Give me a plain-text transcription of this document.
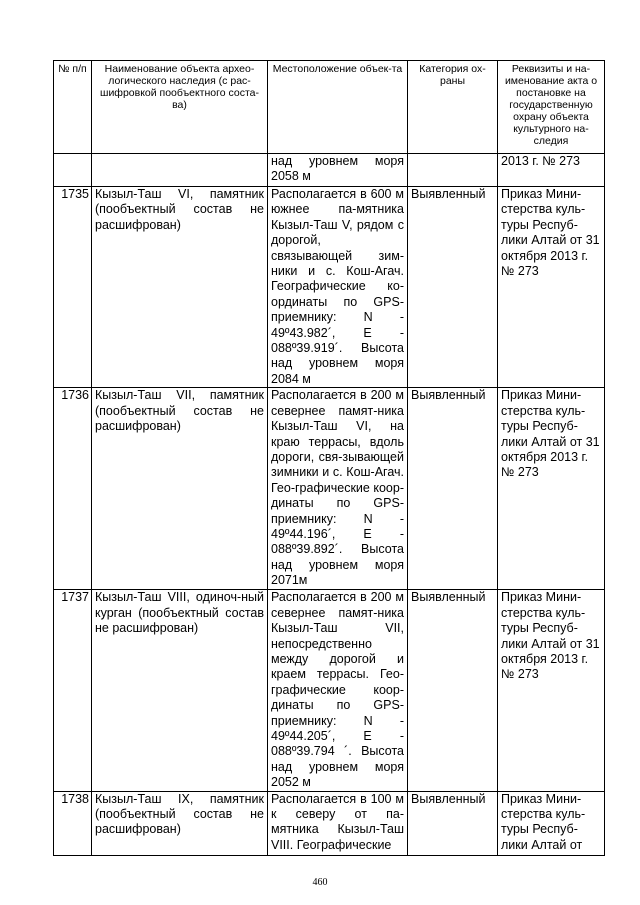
№ п/п	Наименование объекта архео-логического наследия (с рас-шифровкой пообъектного соста-ва)	Местоположение объек-та	Категория ох-раны	Реквизиты и на-именование акта о постановке на государственную охрану объекта культурного на-следия
		над уровнем моря 2058 м		2013 г. № 273
1735	Кызыл-Таш VI, памятник (пообъектный состав не расшифрован)	Располагается в 600 м южнее па-мятника Кызыл-Таш V, рядом с дорогой, связывающей зим-ники и с. Кош-Агач. Географические ко-ординаты по GPS-приемнику: N - 49º43.982´, E - 088º39.919´. Высота над уровнем моря 2084 м	Выявленный	Приказ Мини-стерства куль-туры Респуб-лики Алтай от 31 октября 2013 г. № 273
1736	Кызыл-Таш VII, памятник (пообъектный состав не расшифрован)	Располагается в 200 м севернее памят-ника Кызыл-Таш VI, на краю террасы, вдоль дороги, свя-зывающей зимники и с. Кош-Агач. Гео-графические коор-динаты по GPS-приемнику: N - 49º44.196´, E - 088º39.892´. Высота над уровнем моря 2071м	Выявленный	Приказ Мини-стерства куль-туры Респуб-лики Алтай от 31 октября 2013 г. № 273
1737	Кызыл-Таш VIII, одиноч-ный курган (пообъектный состав не расшифрован)	Располагается в 200 м севернее памят-ника Кызыл-Таш VII, непосредственно между дорогой и краем террасы. Гео-графические коор-динаты по GPS-приемнику: N - 49º44.205´, E - 088º39.794 ´. Высота над уровнем моря 2052 м	Выявленный	Приказ Мини-стерства куль-туры Респуб-лики Алтай от 31 октября 2013 г. № 273
1738	Кызыл-Таш IX, памятник (пообъектный состав не расшифрован)	Располагается в 100 м к северу от па-мятника Кызыл-Таш VIII. Географические	Выявленный	Приказ Мини-стерства куль-туры Респуб-лики Алтай от
460
